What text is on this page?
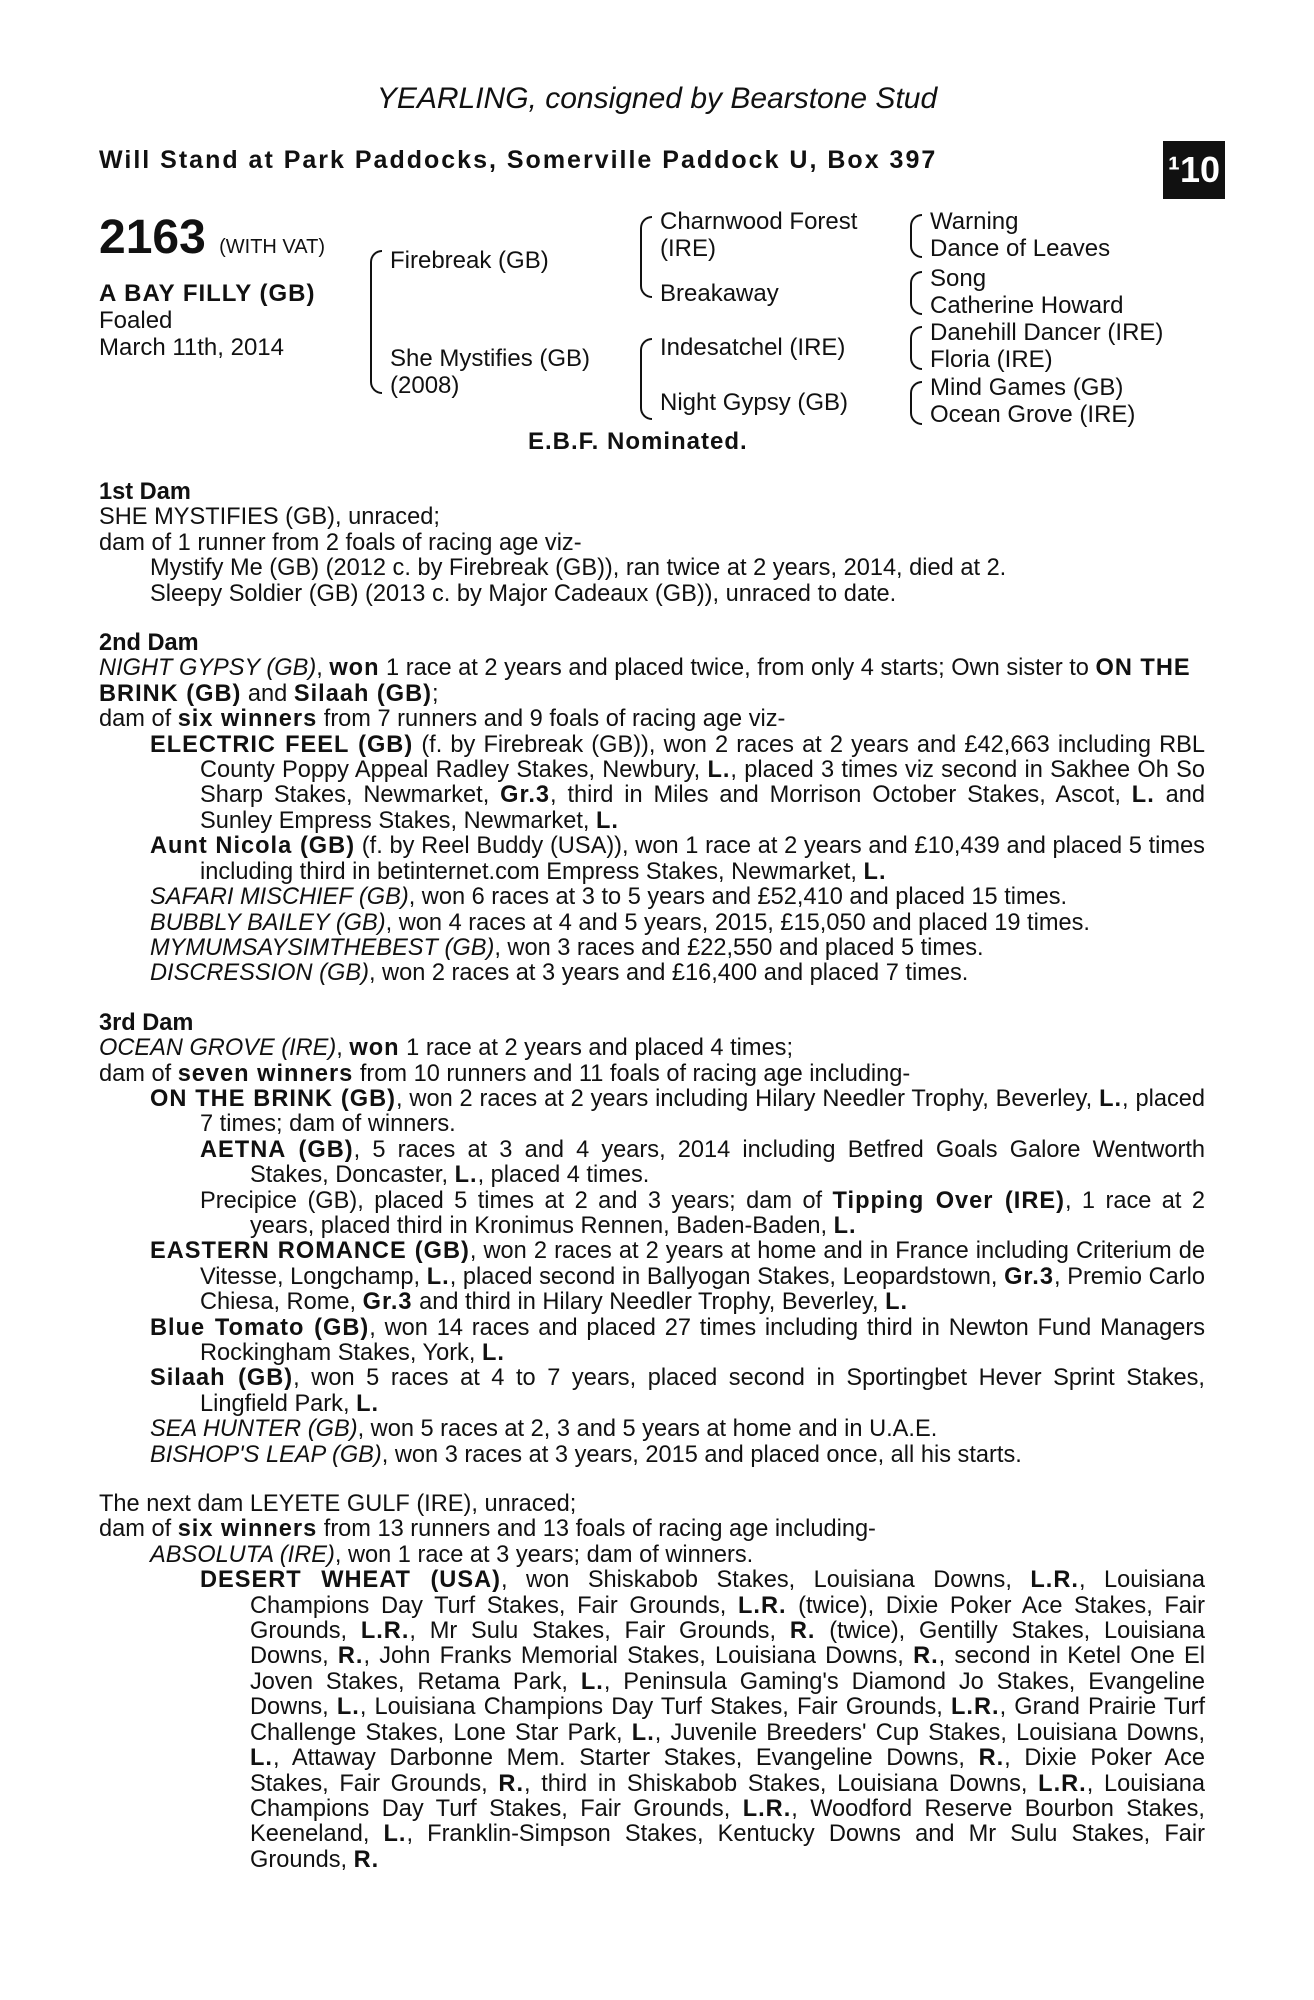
YEARLING, consigned by Bearstone Stud
Will Stand at Park Paddocks, Somerville Paddock U, Box 397	¹10
2163 (WITH VAT)
A BAY FILLY (GB)
Foaled
March 11th, 2014
Firebreak (GB)
She Mystifies (GB)
(2008)
Charnwood Forest
(IRE)
Breakaway
Indesatchel (IRE)
Night Gypsy (GB)
Warning
Dance of Leaves
Song
Catherine Howard
Danehill Dancer (IRE)
Floria (IRE)
Mind Games (GB)
Ocean Grove (IRE)
E.B.F. Nominated.

1st Dam

SHE MYSTIFIES (GB), unraced;

dam of 1 runner from 2 foals of racing age viz-

Mystify Me (GB) (2012 c. by Firebreak (GB)), ran twice at 2 years, 2014, died at 2.

Sleepy Soldier (GB) (2013 c. by Major Cadeaux (GB)), unraced to date.

2nd Dam

NIGHT GYPSY (GB), won 1 race at 2 years and placed twice, from only 4 starts; Own sister to ON THE BRINK (GB) and Silaah (GB);

dam of six winners from 7 runners and 9 foals of racing age viz-

ELECTRIC FEEL (GB) (f. by Firebreak (GB)), won 2 races at 2 years and £42,663 including RBL County Poppy Appeal Radley Stakes, Newbury, L., placed 3 times viz second in Sakhee Oh So Sharp Stakes, Newmarket, Gr.3, third in Miles and Morrison October Stakes, Ascot, L. and Sunley Empress Stakes, Newmarket, L.

Aunt Nicola (GB) (f. by Reel Buddy (USA)), won 1 race at 2 years and £10,439 and placed 5 times including third in betinternet.com Empress Stakes, Newmarket, L.

SAFARI MISCHIEF (GB), won 6 races at 3 to 5 years and £52,410 and placed 15 times.

BUBBLY BAILEY (GB), won 4 races at 4 and 5 years, 2015, £15,050 and placed 19 times.

MYMUMSAYSIMTHEBEST (GB), won 3 races and £22,550 and placed 5 times.

DISCRESSION (GB), won 2 races at 3 years and £16,400 and placed 7 times.

3rd Dam

OCEAN GROVE (IRE), won 1 race at 2 years and placed 4 times;

dam of seven winners from 10 runners and 11 foals of racing age including-

ON THE BRINK (GB), won 2 races at 2 years including Hilary Needler Trophy, Beverley, L., placed 7 times; dam of winners.

AETNA (GB), 5 races at 3 and 4 years, 2014 including Betfred Goals Galore Wentworth Stakes, Doncaster, L., placed 4 times.

Precipice (GB), placed 5 times at 2 and 3 years; dam of Tipping Over (IRE), 1 race at 2 years, placed third in Kronimus Rennen, Baden-Baden, L.

EASTERN ROMANCE (GB), won 2 races at 2 years at home and in France including Criterium de Vitesse, Longchamp, L., placed second in Ballyogan Stakes, Leopardstown, Gr.3, Premio Carlo Chiesa, Rome, Gr.3 and third in Hilary Needler Trophy, Beverley, L.

Blue Tomato (GB), won 14 races and placed 27 times including third in Newton Fund Managers Rockingham Stakes, York, L.

Silaah (GB), won 5 races at 4 to 7 years, placed second in Sportingbet Hever Sprint Stakes, Lingfield Park, L.

SEA HUNTER (GB), won 5 races at 2, 3 and 5 years at home and in U.A.E.

BISHOP'S LEAP (GB), won 3 races at 3 years, 2015 and placed once, all his starts.

The next dam LEYETE GULF (IRE), unraced;

dam of six winners from 13 runners and 13 foals of racing age including-

ABSOLUTA (IRE), won 1 race at 3 years; dam of winners.

DESERT WHEAT (USA), won Shiskabob Stakes, Louisiana Downs, L.R., Louisiana Champions Day Turf Stakes, Fair Grounds, L.R. (twice), Dixie Poker Ace Stakes, Fair Grounds, L.R., Mr Sulu Stakes, Fair Grounds, R. (twice), Gentilly Stakes, Louisiana Downs, R., John Franks Memorial Stakes, Louisiana Downs, R., second in Ketel One El Joven Stakes, Retama Park, L., Peninsula Gaming's Diamond Jo Stakes, Evangeline Downs, L., Louisiana Champions Day Turf Stakes, Fair Grounds, L.R., Grand Prairie Turf Challenge Stakes, Lone Star Park, L., Juvenile Breeders' Cup Stakes, Louisiana Downs, L., Attaway Darbonne Mem. Starter Stakes, Evangeline Downs, R., Dixie Poker Ace Stakes, Fair Grounds, R., third in Shiskabob Stakes, Louisiana Downs, L.R., Louisiana Champions Day Turf Stakes, Fair Grounds, L.R., Woodford Reserve Bourbon Stakes, Keeneland, L., Franklin-Simpson Stakes, Kentucky Downs and Mr Sulu Stakes, Fair Grounds, R.
